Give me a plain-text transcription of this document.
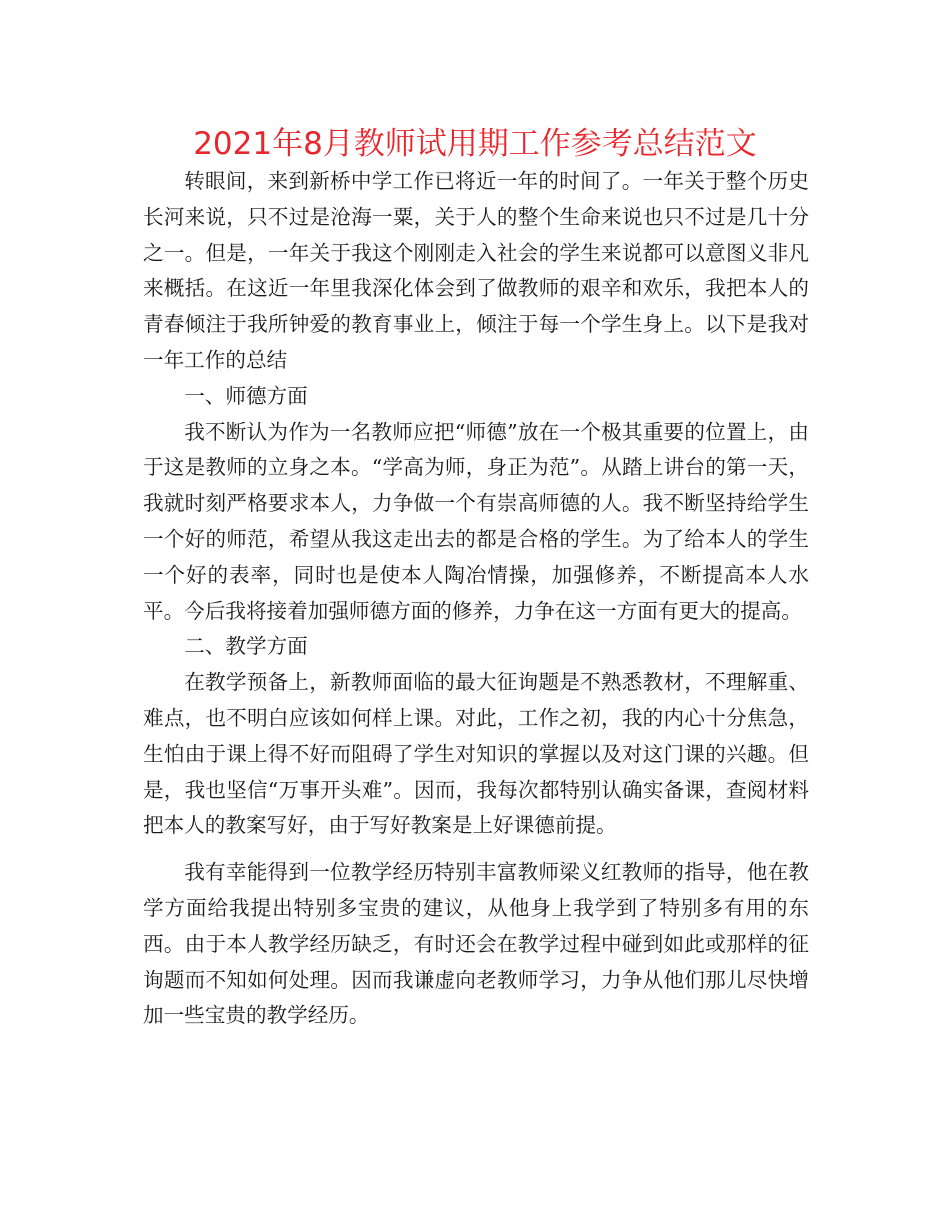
2021年8月教师试用期工作参考总结范文

转眼间，来到新桥中学工作已将近一年的时间了。一年关于整个历史长河来说，只不过是沧海一粟，关于人的整个生命来说也只不过是几十分之一。但是，一年关于我这个刚刚走入社会的学生来说都可以意图义非凡来概括。在这近一年里我深化体会到了做教师的艰辛和欢乐，我把本人的青春倾注于我所钟爱的教育事业上，倾注于每一个学生身上。以下是我对一年工作的总结

一、师德方面

我不断认为作为一名教师应把“师德”放在一个极其重要的位置上，由于这是教师的立身之本。“学高为师，身正为范”。从踏上讲台的第一天，我就时刻严格要求本人，力争做一个有崇高师德的人。我不断坚持给学生一个好的师范，希望从我这走出去的都是合格的学生。为了给本人的学生一个好的表率，同时也是使本人陶冶情操，加强修养，不断提高本人水平。今后我将接着加强师德方面的修养，力争在这一方面有更大的提高。

二、教学方面

在教学预备上，新教师面临的最大征询题是不熟悉教材，不理解重、难点，也不明白应该如何样上课。对此，工作之初，我的内心十分焦急，生怕由于课上得不好而阻碍了学生对知识的掌握以及对这门课的兴趣。但是，我也坚信“万事开头难”。因而，我每次都特别认确实备课，查阅材料把本人的教案写好，由于写好教案是上好课德前提。

我有幸能得到一位教学经历特别丰富教师梁义红教师的指导，他在教学方面给我提出特别多宝贵的建议，从他身上我学到了特别多有用的东西。由于本人教学经历缺乏，有时还会在教学过程中碰到如此或那样的征询题而不知如何处理。因而我谦虚向老教师学习，力争从他们那儿尽快增加一些宝贵的教学经历。
